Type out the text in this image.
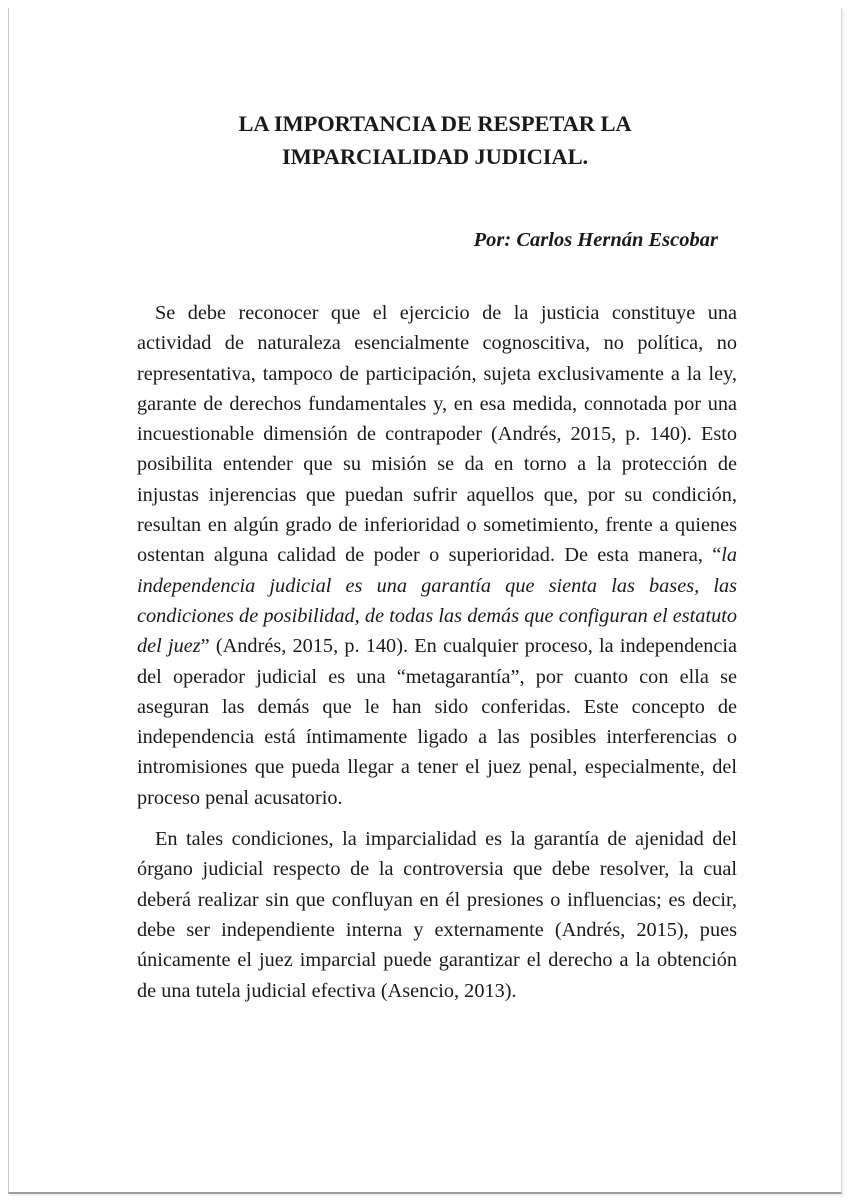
LA IMPORTANCIA DE RESPETAR LA
IMPARCIALIDAD JUDICIAL.

Por: Carlos Hernán Escobar

Se debe reconocer que el ejercicio de la justicia constituye una actividad de naturaleza esencialmente cognoscitiva, no política, no representativa, tampoco de participación, sujeta exclusivamente a la ley, garante de derechos fundamentales y, en esa medida, connotada por una incuestionable dimensión de contrapoder (Andrés, 2015, p. 140). Esto posibilita entender que su misión se da en torno a la protección de injustas injerencias que puedan sufrir aquellos que, por su condición, resultan en algún grado de inferioridad o sometimiento, frente a quienes ostentan alguna calidad de poder o superioridad. De esta manera, “la independencia judicial es una garantía que sienta las bases, las condiciones de posibilidad, de todas las demás que configuran el estatuto del juez” (Andrés, 2015, p. 140). En cualquier proceso, la independencia del operador judicial es una “metagarantía”, por cuanto con ella se aseguran las demás que le han sido conferidas. Este concepto de independencia está íntimamente ligado a las posibles interferencias o intromisiones que pueda llegar a tener el juez penal, especialmente, del proceso penal acusatorio.

En tales condiciones, la imparcialidad es la garantía de ajenidad del órgano judicial respecto de la controversia que debe resolver, la cual deberá realizar sin que confluyan en él presiones o influencias; es decir, debe ser independiente interna y externamente (Andrés, 2015), pues únicamente el juez imparcial puede garantizar el derecho a la obtención de una tutela judicial efectiva (Asencio, 2013).
